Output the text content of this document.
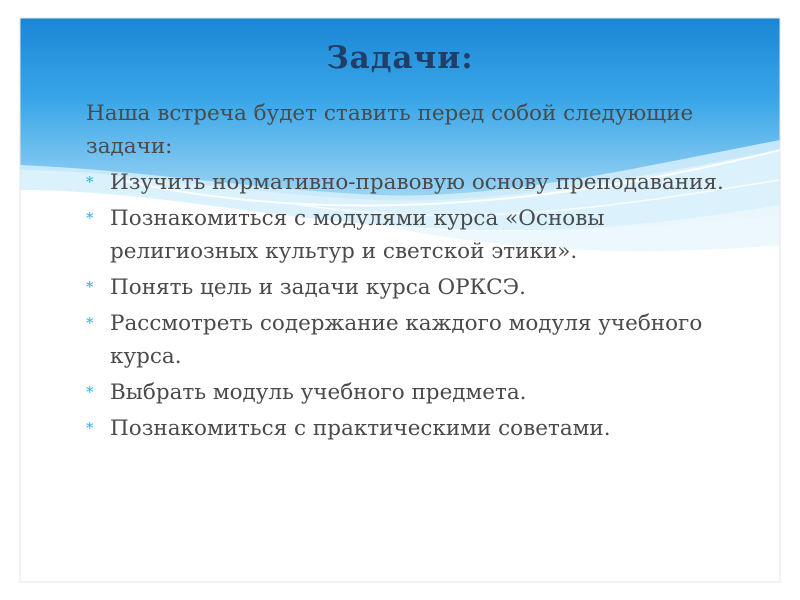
Задачи:

Наша встреча будет ставить перед собой следующие задачи:

* Изучить нормативно-правовую основу преподавания.
* Познакомиться с модулями курса «Основы религиозных культур и светской этики».
* Понять цель и задачи курса ОРКСЭ.
* Рассмотреть содержание каждого модуля учебного курса.
* Выбрать модуль учебного предмета.
* Познакомиться с практическими советами.
